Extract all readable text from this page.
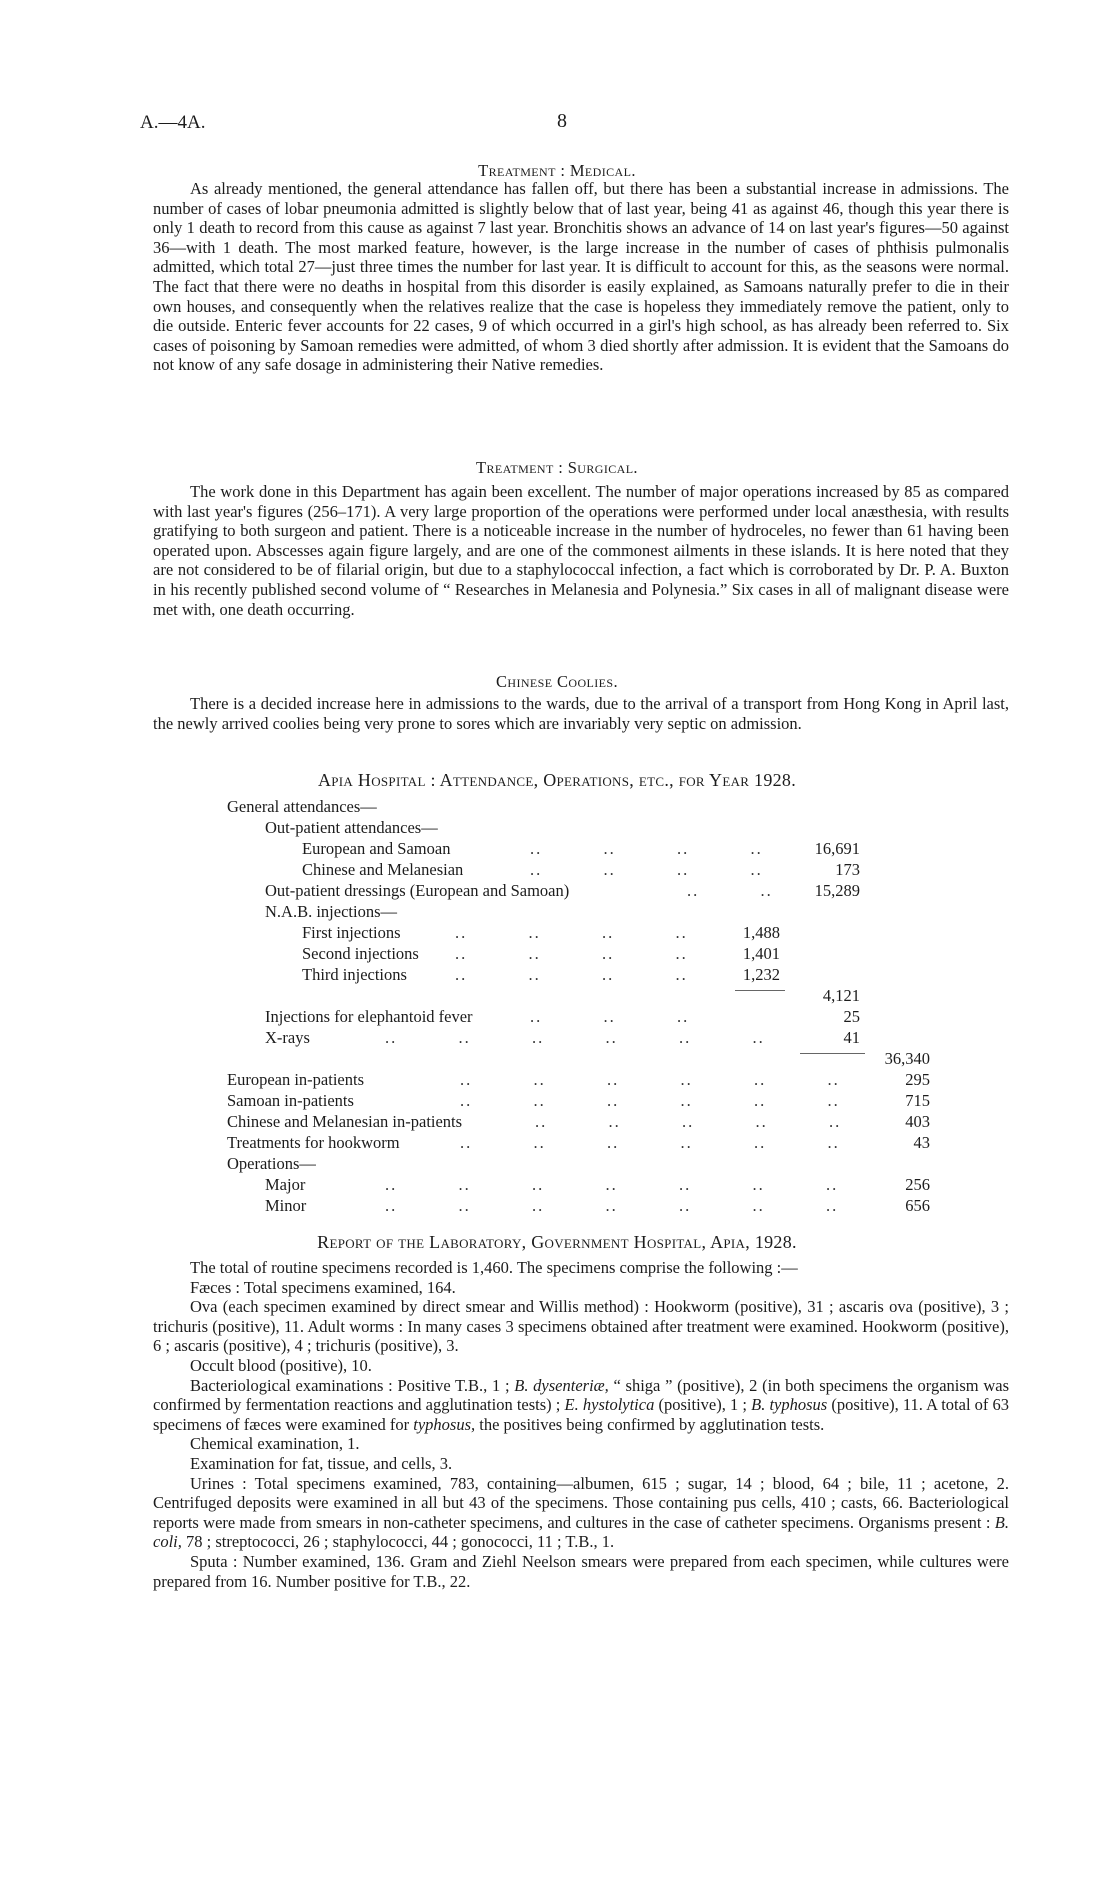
A.—4A.	8
Treatment : Medical.

As already mentioned, the general attendance has fallen off, but there has been a substantial increase in admissions. The number of cases of lobar pneumonia admitted is slightly below that of last year, being 41 as against 46, though this year there is only 1 death to record from this cause as against 7 last year. Bronchitis shows an advance of 14 on last year's figures—50 against 36—with 1 death. The most marked feature, however, is the large increase in the number of cases of phthisis pulmonalis admitted, which total 27—just three times the number for last year. It is difficult to account for this, as the seasons were normal. The fact that there were no deaths in hospital from this disorder is easily explained, as Samoans naturally prefer to die in their own houses, and consequently when the relatives realize that the case is hopeless they immediately remove the patient, only to die outside. Enteric fever accounts for 22 cases, 9 of which occurred in a girl's high school, as has already been referred to. Six cases of poisoning by Samoan remedies were admitted, of whom 3 died shortly after admission. It is evident that the Samoans do not know of any safe dosage in administering their Native remedies.

Treatment : Surgical.

The work done in this Department has again been excellent. The number of major operations increased by 85 as compared with last year's figures (256–171). A very large proportion of the operations were performed under local anæsthesia, with results gratifying to both surgeon and patient. There is a noticeable increase in the number of hydroceles, no fewer than 61 having been operated upon. Abscesses again figure largely, and are one of the commonest ailments in these islands. It is here noted that they are not considered to be of filarial origin, but due to a staphylococcal infection, a fact which is corroborated by Dr. P. A. Buxton in his recently published second volume of “ Researches in Melanesia and Polynesia.” Six cases in all of malignant disease were met with, one death occurring.

Chinese Coolies.

There is a decided increase here in admissions to the wards, due to the arrival of a transport from Hong Kong in April last, the newly arrived coolies being very prone to sores which are invariably very septic on admission.

Apia Hospital : Attendance, Operations, etc., for Year 1928.
General attendances—
Out-patient attendances—
European and Samoan	..          ..          ..          ..	16,691
Chinese and Melanesian	..          ..          ..          ..	173
Out-patient dressings (European and Samoan)	..          ..	15,289
N.A.B. injections—
First injections	..          ..          ..          ..	1,488
Second injections ..          ..          ..          ..	1,401
Third injections	..          ..          ..          ..	1,232
4,121
Injections for elephantoid fever	..          ..          ..	25
X-rays	..          ..          ..          ..          ..          ..	41
36,340
European in-patients	..          ..          ..          ..          ..          ..	295
Samoan in-patients	..          ..          ..          ..          ..          ..	715
Chinese and Melanesian in-patients	..          ..          ..          ..          ..	403
Treatments for hookworm	..          ..          ..          ..          ..          ..	43
Operations—
Major	..          ..          ..          ..          ..          ..          ..	256
Minor	..          ..          ..          ..          ..          ..          ..	656
Report of the Laboratory, Government Hospital, Apia, 1928.

The total of routine specimens recorded is 1,460. The specimens comprise the following :—

Fæces : Total specimens examined, 164.

Ova (each specimen examined by direct smear and Willis method) : Hookworm (positive), 31 ; ascaris ova (positive), 3 ; trichuris (positive), 11. Adult worms : In many cases 3 specimens obtained after treatment were examined. Hookworm (positive), 6 ; ascaris (positive), 4 ; trichuris (positive), 3.

Occult blood (positive), 10.

Bacteriological examinations : Positive T.B., 1 ; B. dysenteriæ, “ shiga ” (positive), 2 (in both specimens the organism was confirmed by fermentation reactions and agglutination tests) ; E. hystolytica (positive), 1 ; B. typhosus (positive), 11. A total of 63 specimens of fæces were examined for typhosus, the positives being confirmed by agglutination tests.

Chemical examination, 1.

Examination for fat, tissue, and cells, 3.

Urines : Total specimens examined, 783, containing—albumen, 615 ; sugar, 14 ; blood, 64 ; bile, 11 ; acetone, 2. Centrifuged deposits were examined in all but 43 of the specimens. Those containing pus cells, 410 ; casts, 66. Bacteriological reports were made from smears in non-catheter specimens, and cultures in the case of catheter specimens. Organisms present : B. coli, 78 ; streptococci, 26 ; staphylococci, 44 ; gonococci, 11 ; T.B., 1.

Sputa : Number examined, 136. Gram and Ziehl Neelson smears were prepared from each specimen, while cultures were prepared from 16. Number positive for T.B., 22.
